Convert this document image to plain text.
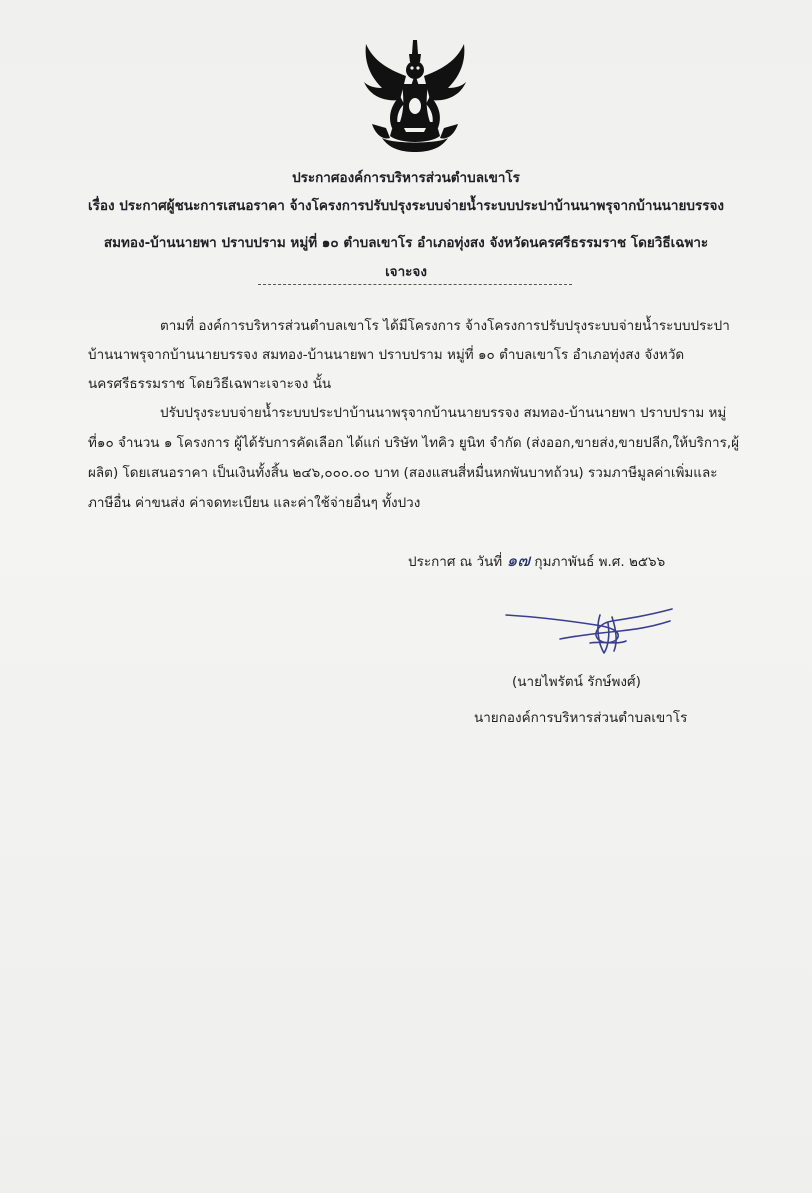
ประกาศองค์การบริหารส่วนตำบลเขาโร
เรื่อง ประกาศผู้ชนะการเสนอราคา จ้างโครงการปรับปรุงระบบจ่ายน้ำระบบประปาบ้านนาพรุจากบ้านนายบรรจง
สมทอง-บ้านนายพา ปราบปราม หมู่ที่ ๑๐ ตำบลเขาโร อำเภอทุ่งสง จังหวัดนครศรีธรรมราช โดยวิธีเฉพาะ
เจาะจง
ตามที่ องค์การบริหารส่วนตำบลเขาโร ได้มีโครงการ จ้างโครงการปรับปรุงระบบจ่ายน้ำระบบประปา
บ้านนาพรุจากบ้านนายบรรจง สมทอง-บ้านนายพา ปราบปราม หมู่ที่ ๑๐ ตำบลเขาโร อำเภอทุ่งสง จังหวัด
นครศรีธรรมราช โดยวิธีเฉพาะเจาะจง นั้น
ปรับปรุงระบบจ่ายน้ำระบบประปาบ้านนาพรุจากบ้านนายบรรจง สมทอง-บ้านนายพา ปราบปราม หมู่
ที่๑๐ จำนวน ๑ โครงการ ผู้ได้รับการคัดเลือก ได้แก่ บริษัท ไทคิว ยูนิท จำกัด (ส่งออก,ขายส่ง,ขายปลีก,ให้บริการ,ผู้
ผลิต) โดยเสนอราคา เป็นเงินทั้งสิ้น ๒๔๖,๐๐๐.๐๐ บาท (สองแสนสี่หมื่นหกพันบาทถ้วน) รวมภาษีมูลค่าเพิ่มและ
ภาษีอื่น ค่าขนส่ง ค่าจดทะเบียน และค่าใช้จ่ายอื่นๆ ทั้งปวง
ประกาศ ณ วันที่ ๑๗ กุมภาพันธ์ พ.ศ. ๒๕๖๖
(นายไพรัตน์ รักษ์พงศ์)
นายกองค์การบริหารส่วนตำบลเขาโร
